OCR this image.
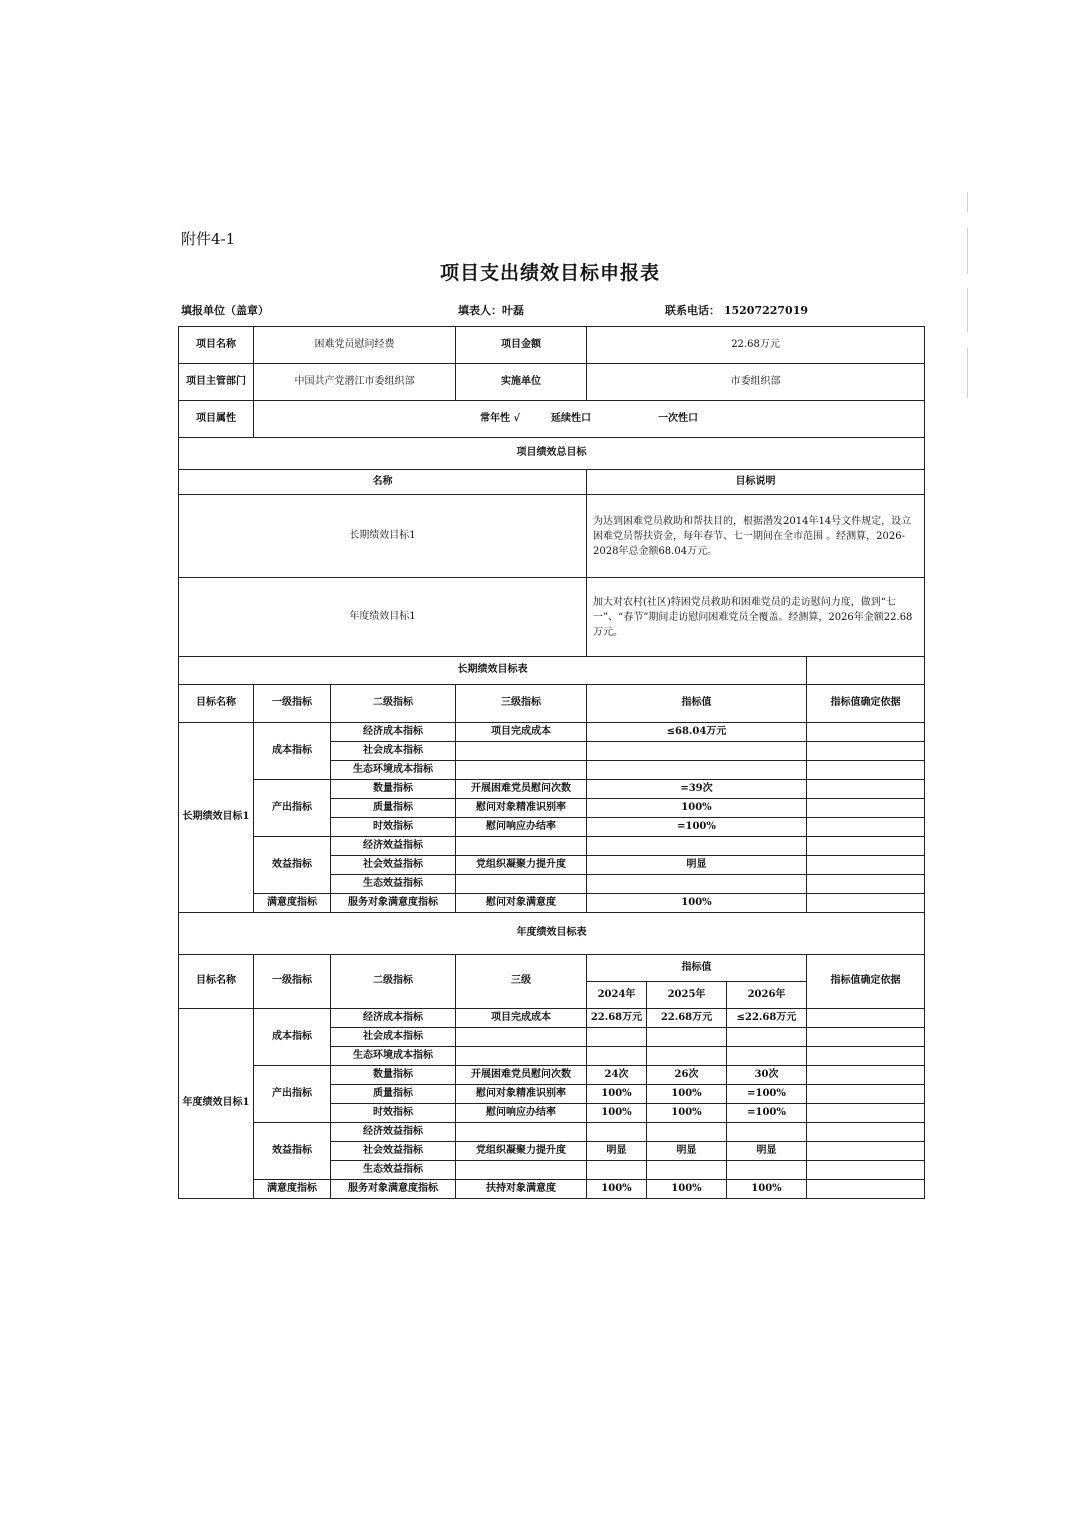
附件4-1
项目支出绩效目标申报表
填报单位（盖章）	填表人：叶磊	联系电话： 15207227019
项目名称	困难党员慰问经费		项目金额	22.68万元			
项目主管部门	中国共产党潜江市委组织部		实施单位	市委组织部			
项目属性	常年性 √ 延续性口 一次性口						
项目绩效总目标							
名称				目标说明			
长期绩效目标1				为达到困难党员救助和帮扶目的，根据潜发2014年14号文件规定，设立困难党员帮扶资金，每年春节、七一期间在全市范围 。经测算，2026-2028年总金额68.04万元。			
年度绩效目标1				加大对农村(社区)特困党员救助和困难党员的走访慰问力度，做到“七一”、“春节”期间走访慰问困难党员全覆盖。经测算，2026年金额22.68万元。			
长期绩效目标表							
目标名称	一级指标	二级指标	三级指标	指标值			指标值确定依据
长期绩效目标1	成本指标	经济成本指标	项目完成成本	≤68.04万元			
		社会成本指标					
		生态环境成本指标					
	产出指标	数量指标	开展困难党员慰问次数	=39次			
		质量指标	慰问对象精准识别率	100%			
		时效指标	慰问响应办结率	=100%			
	效益指标	经济效益指标					
		社会效益指标	党组织凝聚力提升度	明显			
		生态效益指标					
	满意度指标	服务对象满意度指标	慰问对象满意度	100%			
年度绩效目标表							
目标名称	一级指标	二级指标	三级	指标值			指标值确定依据
				2024年	2025年	2026年	
年度绩效目标1	成本指标	经济成本指标	项目完成成本	22.68万元	22.68万元	≤22.68万元	
		社会成本指标					
		生态环境成本指标					
	产出指标	数量指标	开展困难党员慰问次数	24次	26次	30次	
		质量指标	慰问对象精准识别率	100%	100%	=100%	
		时效指标	慰问响应办结率	100%	100%	=100%	
	效益指标	经济效益指标					
		社会效益指标	党组织凝聚力提升度	明显	明显	明显	
		生态效益指标					
	满意度指标	服务对象满意度指标	扶持对象满意度	100%	100%	100%	
